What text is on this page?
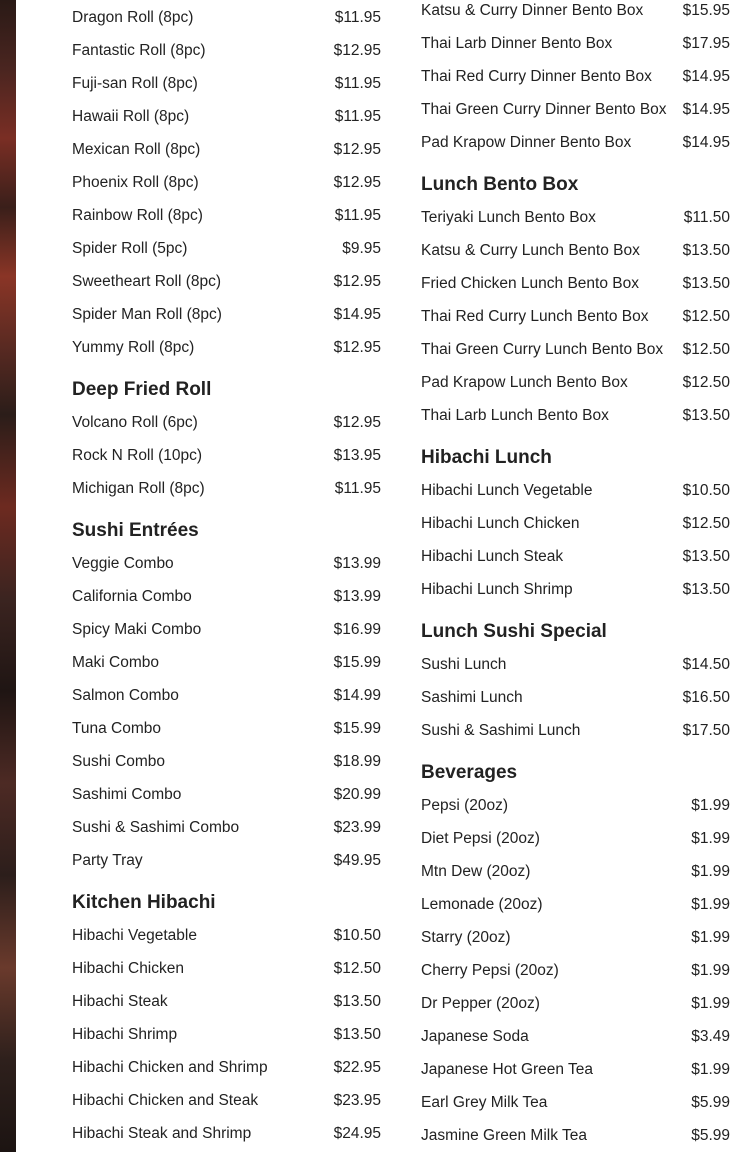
Dragon Roll (8pc)	$11.95
Fantastic Roll (8pc)	$12.95
Fuji-san Roll (8pc)	$11.95
Hawaii Roll (8pc)	$11.95
Mexican Roll (8pc)	$12.95
Phoenix Roll (8pc)	$12.95
Rainbow Roll (8pc)	$11.95
Spider Roll (5pc)	$9.95
Sweetheart Roll (8pc)	$12.95
Spider Man Roll (8pc)	$14.95
Yummy Roll (8pc)	$12.95
Deep Fried Roll
Volcano Roll (6pc)	$12.95
Rock N Roll (10pc)	$13.95
Michigan Roll (8pc)	$11.95
Sushi Entrées
Veggie Combo	$13.99
California Combo	$13.99
Spicy Maki Combo	$16.99
Maki Combo	$15.99
Salmon Combo	$14.99
Tuna Combo	$15.99
Sushi Combo	$18.99
Sashimi Combo	$20.99
Sushi & Sashimi Combo	$23.99
Party Tray	$49.95
Kitchen Hibachi
Hibachi Vegetable	$10.50
Hibachi Chicken	$12.50
Hibachi Steak	$13.50
Hibachi Shrimp	$13.50
Hibachi Chicken and Shrimp	$22.95
Hibachi Chicken and Steak	$23.95
Hibachi Steak and Shrimp	$24.95
Katsu & Curry Dinner Bento Box	$15.95
Thai Larb Dinner Bento Box	$17.95
Thai Red Curry Dinner Bento Box $14.95
Thai Green Curry Dinner Bento Box $14.95
Pad Krapow Dinner Bento Box	$14.95
Lunch Bento Box
Teriyaki Lunch Bento Box	$11.50
Katsu & Curry Lunch Bento Box	$13.50
Fried Chicken Lunch Bento Box	$13.50
Thai Red Curry Lunch Bento Box $12.50
Thai Green Curry Lunch Bento Box $12.50
Pad Krapow Lunch Bento Box	$12.50
Thai Larb Lunch Bento Box	$13.50
Hibachi Lunch
Hibachi Lunch Vegetable	$10.50
Hibachi Lunch Chicken	$12.50
Hibachi Lunch Steak	$13.50
Hibachi Lunch Shrimp	$13.50
Lunch Sushi Special
Sushi Lunch	$14.50
Sashimi Lunch	$16.50
Sushi & Sashimi Lunch	$17.50
Beverages
Pepsi (20oz)	$1.99
Diet Pepsi (20oz)	$1.99
Mtn Dew (20oz)	$1.99
Lemonade (20oz)	$1.99
Starry (20oz)	$1.99
Cherry Pepsi (20oz)	$1.99
Dr Pepper (20oz)	$1.99
Japanese Soda	$3.49
Japanese Hot Green Tea	$1.99
Earl Grey Milk Tea	$5.99
Jasmine Green Milk Tea	$5.99
